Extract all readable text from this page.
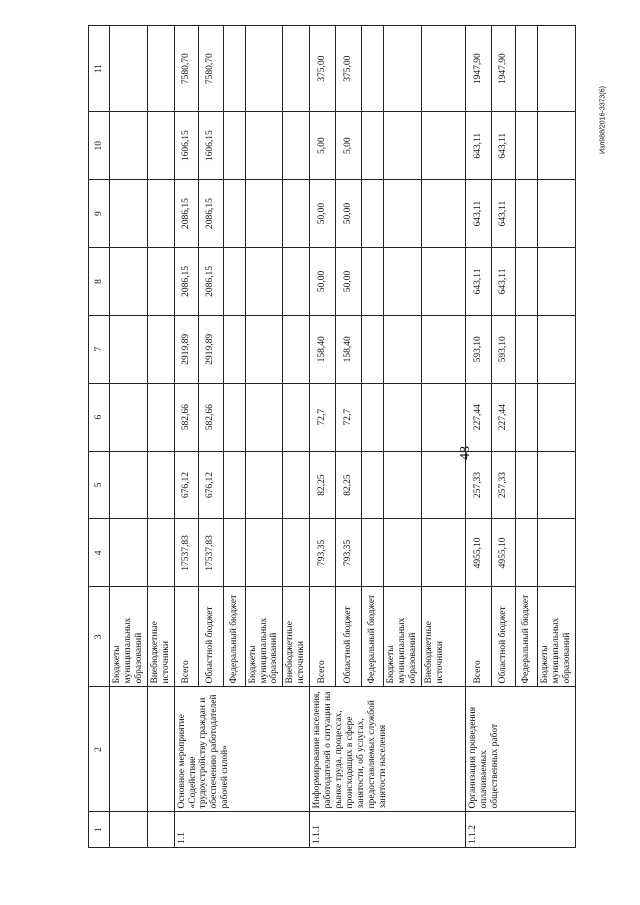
48
Изл988/2016-3373(6)
1	2	3	4	5	6	7	8	9	10	11
		Бюджеты муниципальных образований								
		Внебюджетные источники								
1.1	Основное мероприятие «Содействие трудоустройству граждан и обеспечению работодателей рабочей силой»	Всего	17537,83	676,12	582,66	2919,89	2086,15	2086,15	1606,15	7580,70
		Областной бюджет	17537,83	676,12	582,66	2919,89	2086,15	2086,15	1606,15	7580,70
		Федеральный бюджет								
		Бюджеты муниципальных образований								
		Внебюджетные источники								
1.1.1	Информирование населения, работодателей о ситуации на рынке труда, процессах, происходящих в сфере занятости, об услугах, предоставляемых службой занятости населения	Всего	793,35	82,25	72,7	158,40	50,00	50,00	5,00	375,00
		Областной бюджет	793,35	82,25	72,7	158,40	50,00	50,00	5,00	375,00
		Федеральный бюджет								
		Бюджеты муниципальных образований								
		Внебюджетные источники								
1.1.2	Организация проведения оплачиваемых общественных работ	Всего	4955,10	257,33	227,44	593,10	643,11	643,11	643,11	1947,90
		Областной бюджет	4955,10	257,33	227,44	593,10	643,11	643,11	643,11	1947,90
		Федеральный бюджет								
		Бюджеты муниципальных образований								
